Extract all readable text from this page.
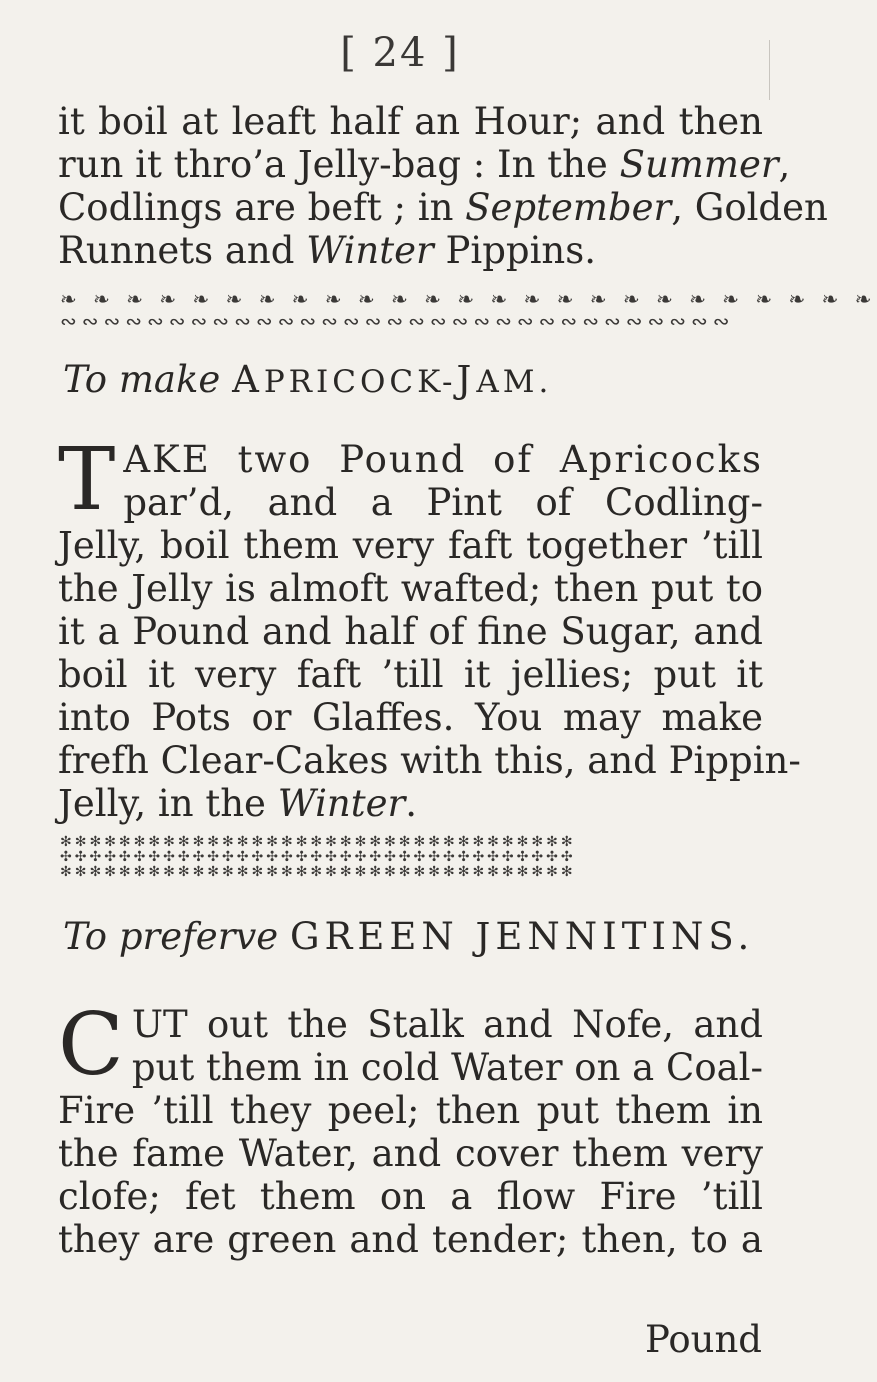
[ 24 ]
it boil at leaft half an Hour; and then
run it thro’a Jelly-bag : In the Summer,
Codlings are beft ; in September, Golden
Runnets and Winter Pippins.
❧ ❧ ❧ ❧ ❧ ❧ ❧ ❧ ❧ ❧ ❧ ❧ ❧ ❧ ❧ ❧ ❧ ❧ ❧ ❧ ❧ ❧ ❧ ❧ ❧
∾∾∾∾∾∾∾∾∾∾∾∾∾∾∾∾∾∾∾∾∾∾∾∾∾∾∾∾∾∾∾
To make APRICOCK-JAM.
T AKE two Pound of Apricocks
par’d, and a Pint of Codling-
Jelly, boil them very faft together ’till
the Jelly is almoft wafted; then put to
it a Pound and half of fine Sugar, and
boil it very faft ’till it jellies; put it
into Pots or Glaffes. You may make
frefh Clear-Cakes with this, and Pippin-
Jelly, in the Winter.
✻✻✻✻✻✻✻✻✻✻✻✻✻✻✻✻✻✻✻✻✻✻✻✻✻✻✻✻✻✻✻✻✻✻✻
✣✣✣✣✣✣✣✣✣✣✣✣✣✣✣✣✣✣✣✣✣✣✣✣✣✣✣✣✣✣✣✣✣✣✣
✻✻✻✻✻✻✻✻✻✻✻✻✻✻✻✻✻✻✻✻✻✻✻✻✻✻✻✻✻✻✻✻✻✻✻
To preferve GREEN JENNITINS.
C UT out the Stalk and Nofe, and
put them in cold Water on a Coal-
Fire ’till they peel; then put them in
the fame Water, and cover them very
clofe; fet them on a flow Fire ’till
they are green and tender; then, to a
Pound
